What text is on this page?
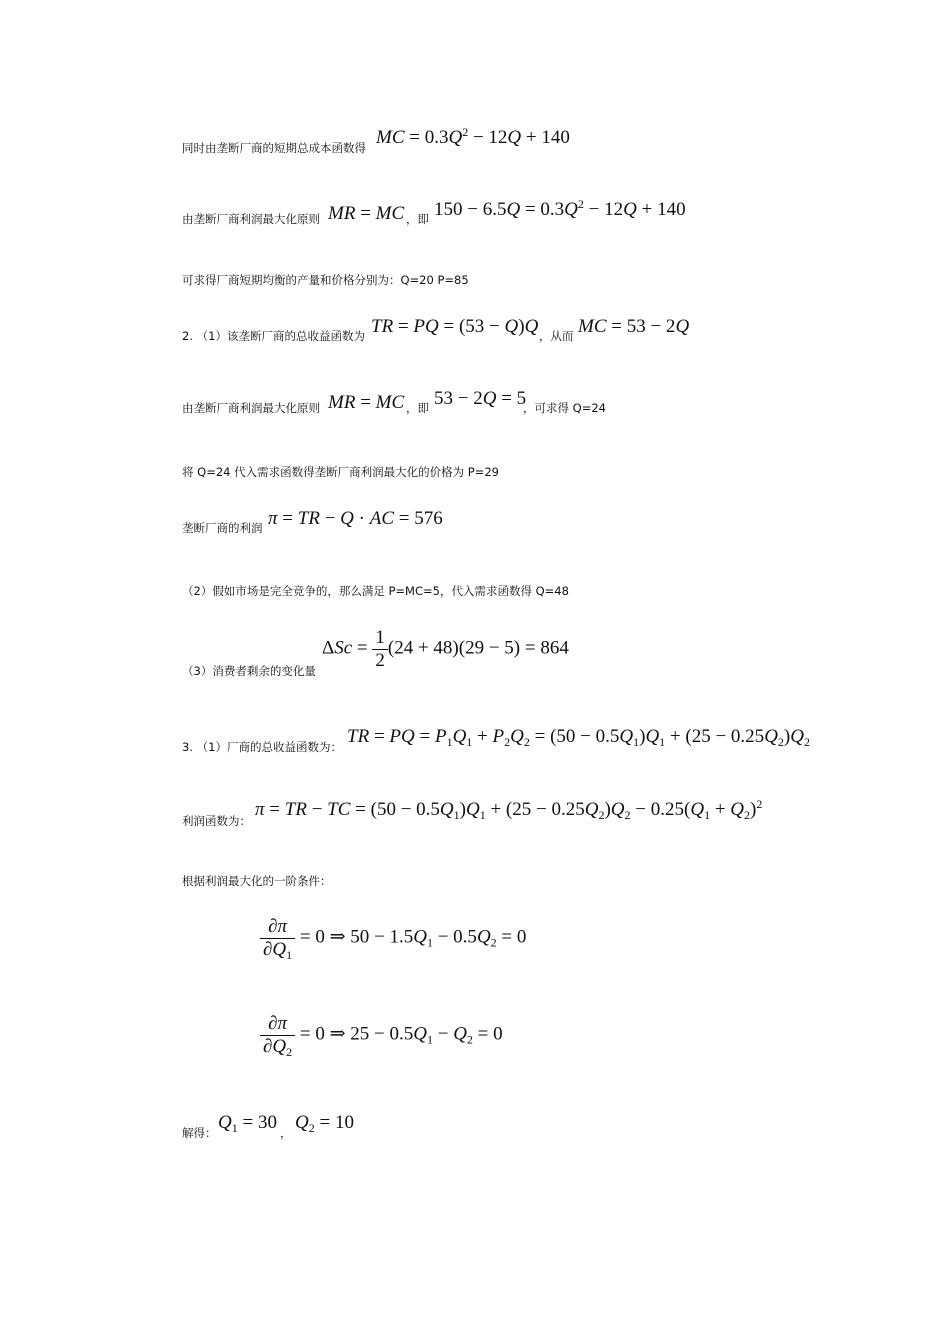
同时由垄断厂商的短期总成本函数得 MC = $0.3Q^2 - 12Q + 140$
由垄断厂商利润最大化原则 MR = MC ，即 $150 - 6.5Q = 0.3Q^2 - 12Q + 140$
可求得厂商短期均衡的产量和价格分别为：Q=20 P=85
2. （1）该垄断厂商的总收益函数为 TR = PQ = (53 − Q)Q ，从而 MC = 53 − 2Q
由垄断厂商利润最大化原则 MR = MC ，即 53 − 2Q = 5
，可求得 Q=24
将 Q=24 代入需求函数得垄断厂商利润最大化的价格为 P=29
垄断厂商的利润 π = TR − Q · AC = 576
（2）假如市场是完全竞争的，那么满足 P=MC=5，代入需求函数得 Q=48
（3）消费者剩余的变化量
$\Delta Sc = \frac{1}{2} (24 + 48)(29 - 5) = 864$
3. （1）厂商的总收益函数为： TR = PQ = $P_1Q_1 + P_2Q_2 = (50 - 0.5Q_1)Q_1 + (25 - 0.25Q_2)Q_2$
利润函数为：
π = TR − TC = $(50 - 0.5Q_1)Q_1 + (25 - 0.25Q_2)Q_2 - 0.25(Q_1 + Q_2)^2$
根据利润最大化的一阶条件：
$\frac{\partial\pi}{\partial Q_1} = 0$ ⇒ $50 - 1.5Q_1 - 0.5Q_2 = 0$
$\frac{\partial\pi}{\partial Q_2} = 0$ ⇒ $25 - 0.5Q_1 - Q_2 = 0$
解得： $Q_1 = 30$ ， $Q_2 = 10$
